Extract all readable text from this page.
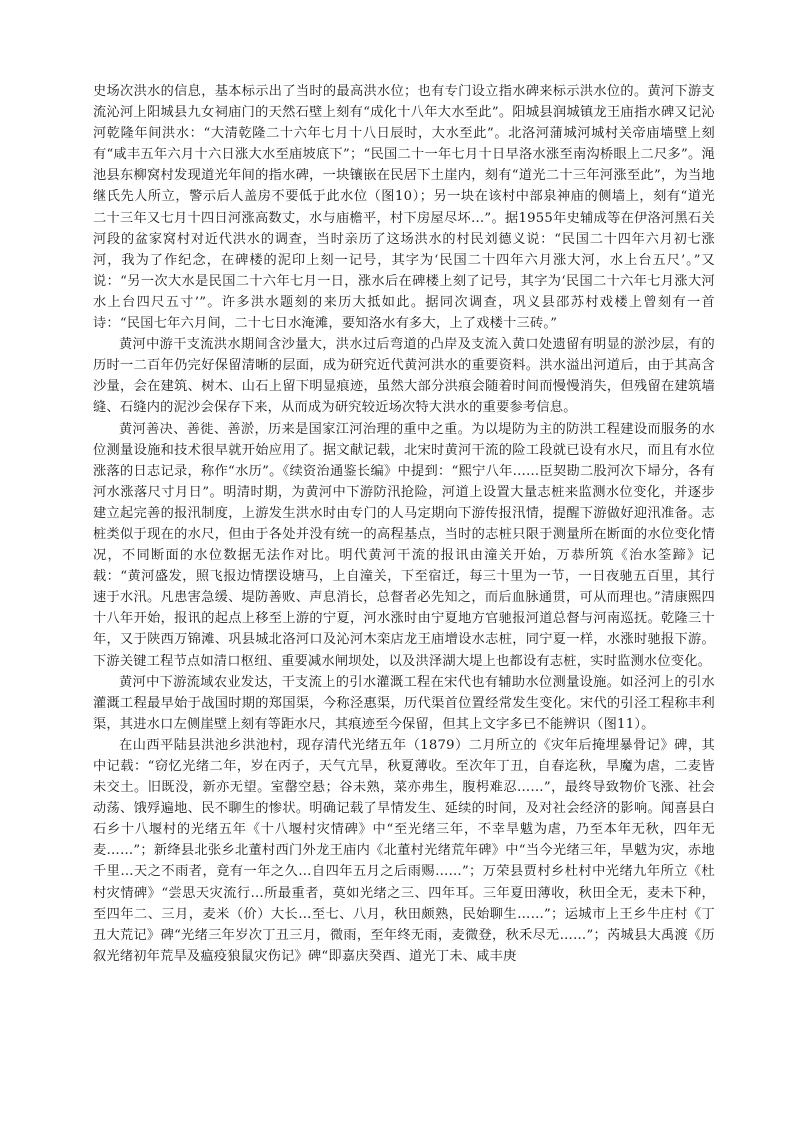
史场次洪水的信息，基本标示出了当时的最高洪水位；也有专门设立指水碑来标示洪水位的。黄河下游支流沁河上阳城县九女祠庙门的天然石壁上刻有“成化十八年大水至此”。阳城县润城镇龙王庙指水碑又记沁河乾隆年间洪水：“大清乾隆二十六年七月十八日辰时，大水至此”。北洛河蒲城河城村关帝庙墙壁上刻有“咸丰五年六月十六日涨大水至庙坡底下”；“民国二十一年七月十日早洛水涨至南沟桥眼上二尺多”。渑池县东柳窝村发现道光年间的指水碑，一块镶嵌在民居下土崖内，刻有“道光二十三年河涨至此”，为当地继氏先人所立，警示后人盖房不要低于此水位（图10）；另一块在该村中部泉神庙的侧墙上，刻有“道光二十三年又七月十四日河涨高数丈，水与庙檐平，村下房屋尽坏…”。据1955年史辅成等在伊洛河黑石关河段的盆家窝村对近代洪水的调查，当时亲历了这场洪水的村民刘德义说：“民国二十四年六月初七涨河，我为了作纪念，在碑楼的泥印上刻一记号，其字为‘民国二十四年六月涨大河，水上台五尺’。”又说：“另一次大水是民国二十六年七月一日，涨水后在碑楼上刻了记号，其字为‘民国二十六年七月涨大河水上台四尺五寸’”。许多洪水题刻的来历大抵如此。据同次调查，巩义县邵苏村戏楼上曾刻有一首诗：“民国七年六月间，二十七日水淹滩，要知洛水有多大，上了戏楼十三砖。”

黄河中游干支流洪水期间含沙量大，洪水过后弯道的凸岸及支流入黄口处遗留有明显的淤沙层，有的历时一二百年仍完好保留清晰的层面，成为研究近代黄河洪水的重要资料。洪水溢出河道后，由于其高含沙量，会在建筑、树木、山石上留下明显痕迹，虽然大部分洪痕会随着时间而慢慢消失，但残留在建筑墙缝、石缝内的泥沙会保存下来，从而成为研究较近场次特大洪水的重要参考信息。

黄河善决、善徙、善淤，历来是国家江河治理的重中之重。为以堤防为主的防洪工程建设而服务的水位测量设施和技术很早就开始应用了。据文献记载，北宋时黄河干流的险工段就已设有水尺，而且有水位涨落的日志记录，称作“水历”。《续资治通鉴长编》中提到：“熙宁八年……臣契勘二股河次下埽分，各有河水涨落尺寸月日”。明清时期，为黄河中下游防汛抢险，河道上设置大量志桩来监测水位变化，并逐步建立起完善的报汛制度，上游发生洪水时由专门的人马定期向下游传报汛情，提醒下游做好迎汛准备。志桩类似于现在的水尺，但由于各处并没有统一的高程基点，当时的志桩只限于测量所在断面的水位变化情况，不同断面的水位数据无法作对比。明代黄河干流的报讯由潼关开始，万恭所筑《治水筌蹄》记载：“黄河盛发，照飞报边情摆设塘马，上自潼关，下至宿迁，每三十里为一节，一日夜驰五百里，其行速于水汛。凡患害急缓、堤防善败、声息消长，总督者必先知之，而后血脉通贯，可从而理也。”清康熙四十八年开始，报讯的起点上移至上游的宁夏，河水涨时由宁夏地方官驰报河道总督与河南巡抚。乾隆三十年，又于陕西万锦滩、巩县城北洛河口及沁河木栾店龙王庙增设水志桩，同宁夏一样，水涨时驰报下游。下游关键工程节点如清口枢纽、重要减水闸坝处，以及洪泽湖大堤上也都设有志桩，实时监测水位变化。

黄河中下游流域农业发达，干支流上的引水灌溉工程在宋代也有辅助水位测量设施。如泾河上的引水灌溉工程最早始于战国时期的郑国渠，今称泾惠渠，历代渠首位置经常发生变化。宋代的引泾工程称丰利渠，其进水口左侧崖壁上刻有等距水尺，其痕迹至今保留，但其上文字多已不能辨识（图11）。

在山西平陆县洪池乡洪池村，现存清代光绪五年（1879）二月所立的《灾年后掩埋暴骨记》碑，其中记载：“窃忆光绪二年，岁在丙子，天气亢旱，秋夏薄收。至次年丁丑，自春迄秋，旱魔为虐，二麦皆未交土。旧既没，新亦无望。室罄空悬；谷未熟，菜亦弗生，腹枵难忍……”，最终导致物价飞涨、社会动荡、饿殍遍地、民不聊生的惨状。明确记载了旱情发生、延续的时间，及对社会经济的影响。闻喜县白石乡十八堰村的光绪五年《十八堰村灾情碑》中“至光绪三年，不幸旱魃为虐，乃至本年无秋，四年无麦……”；新绛县北张乡北董村西门外龙王庙内《北董村光绪荒年碑》中“当今光绪三年，旱魃为灾，赤地千里…天之不雨者，竟有一年之久…自四年五月之后雨赐……”；万荣县贾村乡杜村中光绪九年所立《杜村灾情碑》“尝思天灾流行…所最重者，莫如光绪之三、四年耳。三年夏田薄收，秋田全无，麦未下种，至四年二、三月，麦米（价）大长…至七、八月，秋田颇熟，民始聊生……”；运城市上王乡牛庄村《丁丑大荒记》碑“光绪三年岁次丁丑三月，微雨，至年终无雨，麦微登，秋禾尽无……”；芮城县大禹渡《历叙光绪初年荒旱及瘟疫狼鼠灾伤记》碑“即嘉庆癸酉、道光丁未、咸丰庚
